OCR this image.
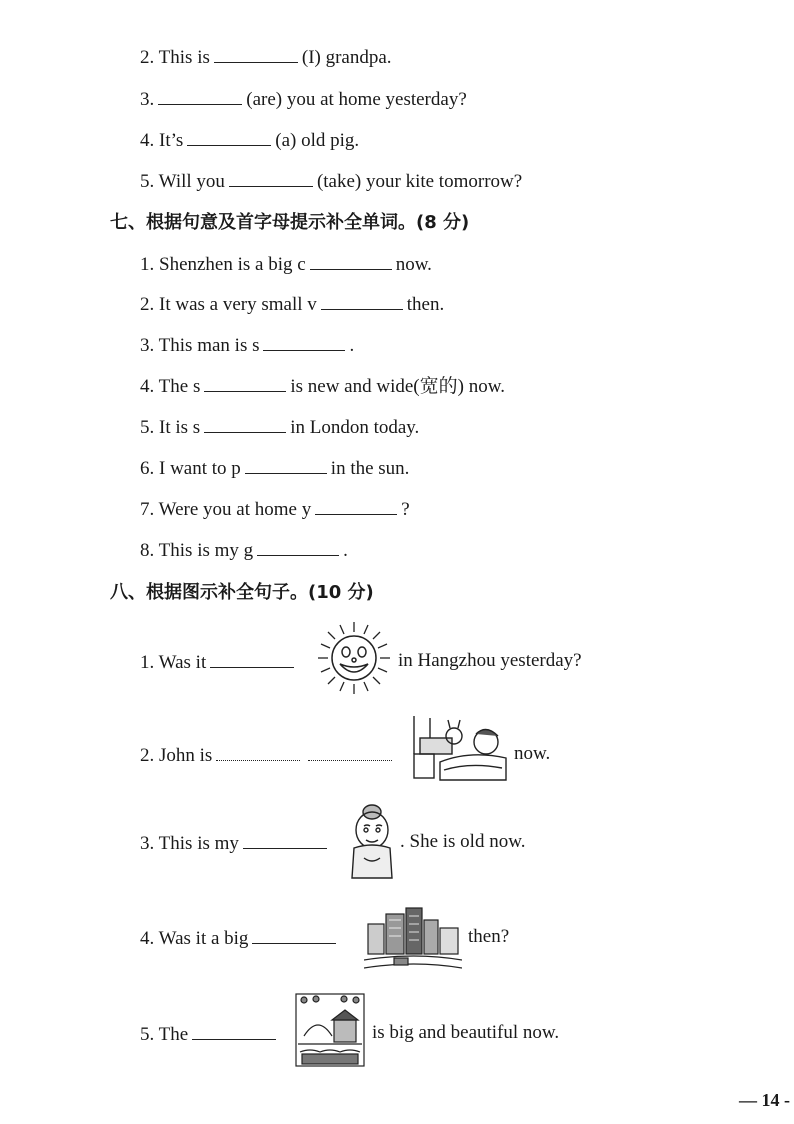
2. This is	(I) grandpa.
3.	(are) you at home yesterday?
4. It’s	(a) old pig.
5. Will you	(take) your kite tomorrow?
七、根据句意及首字母提示补全单词。(8 分)
1. Shenzhen is a big c	now.
2. It was a very small v	then.
3. This man is s	.
4. The s	is new and wide(宽的) now.
5. It is s	in London today.
6. I want to p	in the sun.
7. Were you at home y	?
8. This is my g	.
八、根据图示补全句子。(10 分)
1. Was it	in Hangzhou yesterday?
2. John is	now.
3. This is my	. She is old now.
4. Was it a big	then?
5. The	is big and beautiful now.
— 14 -
